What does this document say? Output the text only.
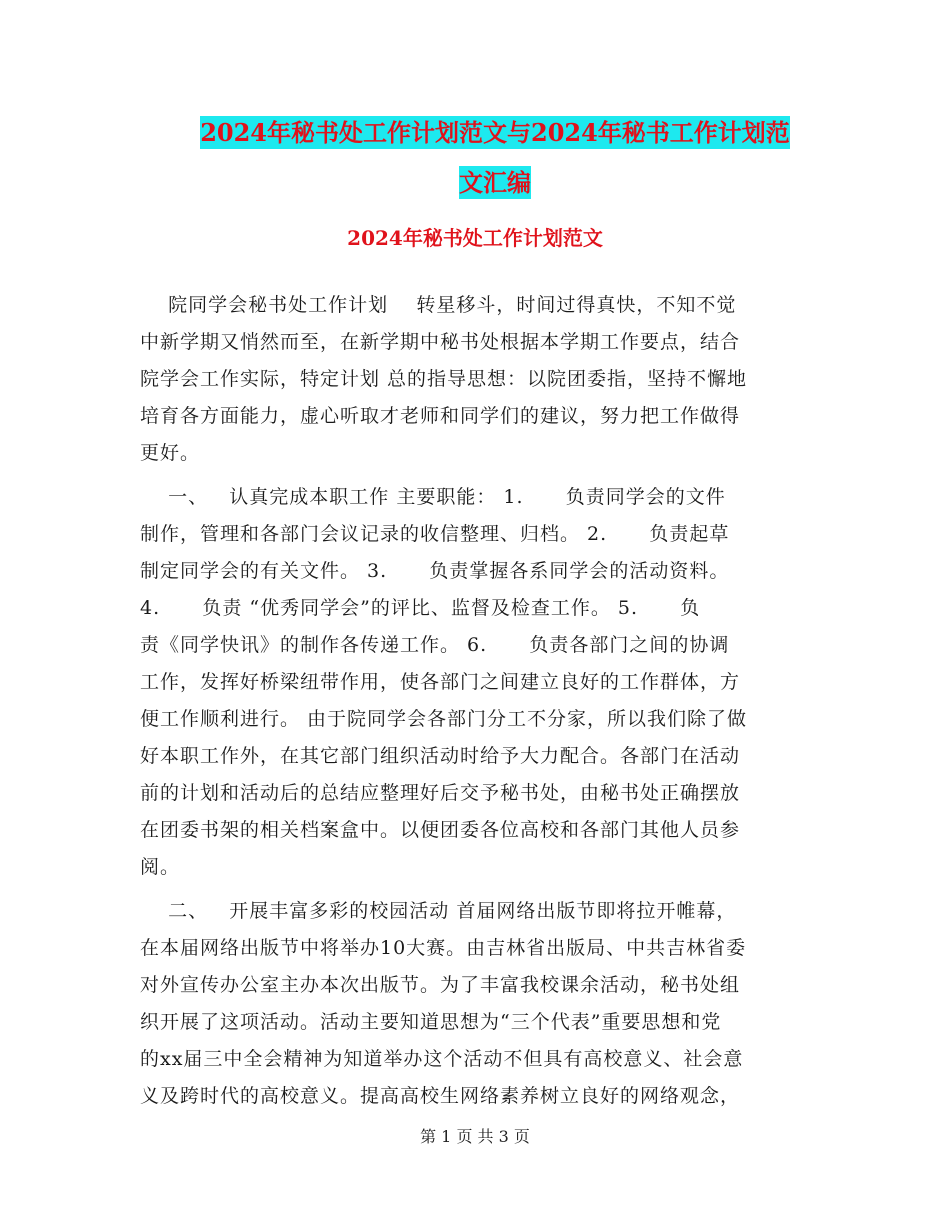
2024年秘书处工作计划范文与2024年秘书工作计划范
文汇编
2024年秘书处工作计划范文
院同学会秘书处工作计划    转星移斗，时间过得真快，不知不觉
中新学期又悄然而至，在新学期中秘书处根据本学期工作要点，结合
院学会工作实际，特定计划 总的指导思想：以院团委指，坚持不懈地
培育各方面能力，虚心听取才老师和同学们的建议，努力把工作做得
更好。
一、   认真完成本职工作 主要职能： 1.      负责同学会的文件
制作，管理和各部门会议记录的收信整理、归档。 2.      负责起草
制定同学会的有关文件。 3.      负责掌握各系同学会的活动资料。
4.      负责 “优秀同学会”的评比、监督及检查工作。 5.      负
责《同学快讯》的制作各传递工作。 6.      负责各部门之间的协调
工作，发挥好桥梁纽带作用，使各部门之间建立良好的工作群体，方
便工作顺利进行。 由于院同学会各部门分工不分家，所以我们除了做
好本职工作外，在其它部门组织活动时给予大力配合。各部门在活动
前的计划和活动后的总结应整理好后交予秘书处，由秘书处正确摆放
在团委书架的相关档案盒中。以便团委各位高校和各部门其他人员参
阅。
二、   开展丰富多彩的校园活动 首届网络出版节即将拉开帷幕，
在本届网络出版节中将举办10大赛。由吉林省出版局、中共吉林省委
对外宣传办公室主办本次出版节。为了丰富我校课余活动，秘书处组
织开展了这项活动。活动主要知道思想为“三个代表”重要思想和党
的xx届三中全会精神为知道举办这个活动不但具有高校意义、社会意
义及跨时代的高校意义。提高高校生网络素养树立良好的网络观念，
第 1 页 共 3 页
